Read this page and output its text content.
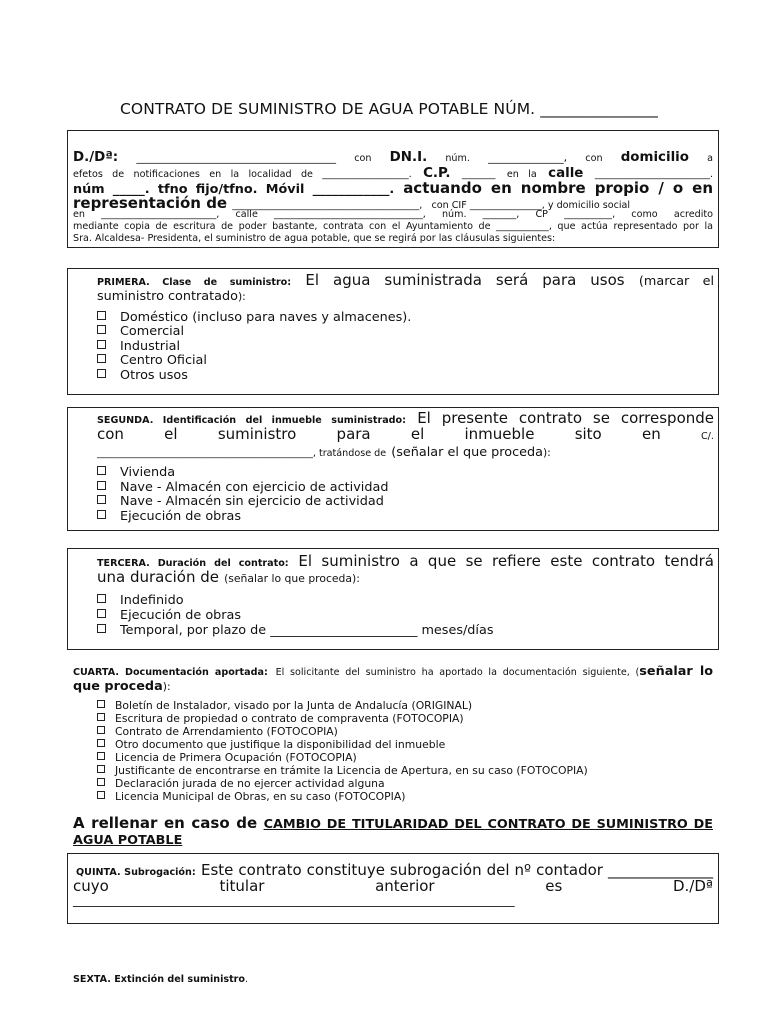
CONTRATO DE SUMINISTRO DE AGUA POTABLE NÚM. _______________
D./Dª: _____________________________________ con DN.I. núm. ______________, con domicilio a
efetos de notificaciones en la localidad de __________________. C.P. _______ en la calle ________________________.
núm _____. tfno fijo/tfno. Móvil ____________. actuando en nombre propio / o en
representación de _______________________________________, con CIF _______________, y domicilio social
en ________________________, calle _______________________________, núm. _______, CP __________, como acredito
mediante copia de escritura de poder bastante, contrata con el Ayuntamiento de ___________, que actúa representado por la
Sra. Alcaldesa- Presidenta, el suministro de agua potable, que se regirá por las cláusulas siguientes:
PRIMERA. Clase de suministro: El agua suministrada será para usos (marcar el
suministro contratado):
Doméstico (incluso para naves y almacenes).
Comercial
Industrial
Centro Oficial
Otros usos
SEGUNDA. Identificación del inmueble suministrado: El presente contrato se corresponde
con	el	suministro	para	el	inmueble	sito	en	C/.
_____________________________________________, tratándose de (señalar el que proceda):
Vivienda
Nave - Almacén con ejercicio de actividad
Nave - Almacén sin ejercicio de actividad
Ejecución de obras
TERCERA. Duración del contrato: El suministro a que se refiere este contrato tendrá
una duración de (señalar lo que proceda):
Indefinido
Ejecución de obras
Temporal, por plazo de _______________________ meses/días
CUARTA. Documentación aportada: El solicitante del suministro ha aportado la documentación siguiente, (señalar lo
que proceda):
Boletín de Instalador, visado por la Junta de Andalucía (ORIGINAL)
Escritura de propiedad o contrato de compraventa (FOTOCOPIA)
Contrato de Arrendamiento (FOTOCOPIA)
Otro documento que justifique la disponibilidad del inmueble
Licencia de Primera Ocupación (FOTOCOPIA)
Justificante de encontrarse en trámite la Licencia de Apertura, en su caso (FOTOCOPIA)
Declaración jurada de no ejercer actividad alguna
Licencia Municipal de Obras, en su caso (FOTOCOPIA)
A rellenar en caso de CAMBIO DE TITULARIDAD DEL CONTRATO DE SUMINISTRO DE
AGUA POTABLE
QUINTA. Subrogación: Este contrato constituye subrogación del nº contador ______________
cuyo	titular	anterior	es	D./Dª
_____________________________________________________________________
SEXTA. Extinción del suministro.
